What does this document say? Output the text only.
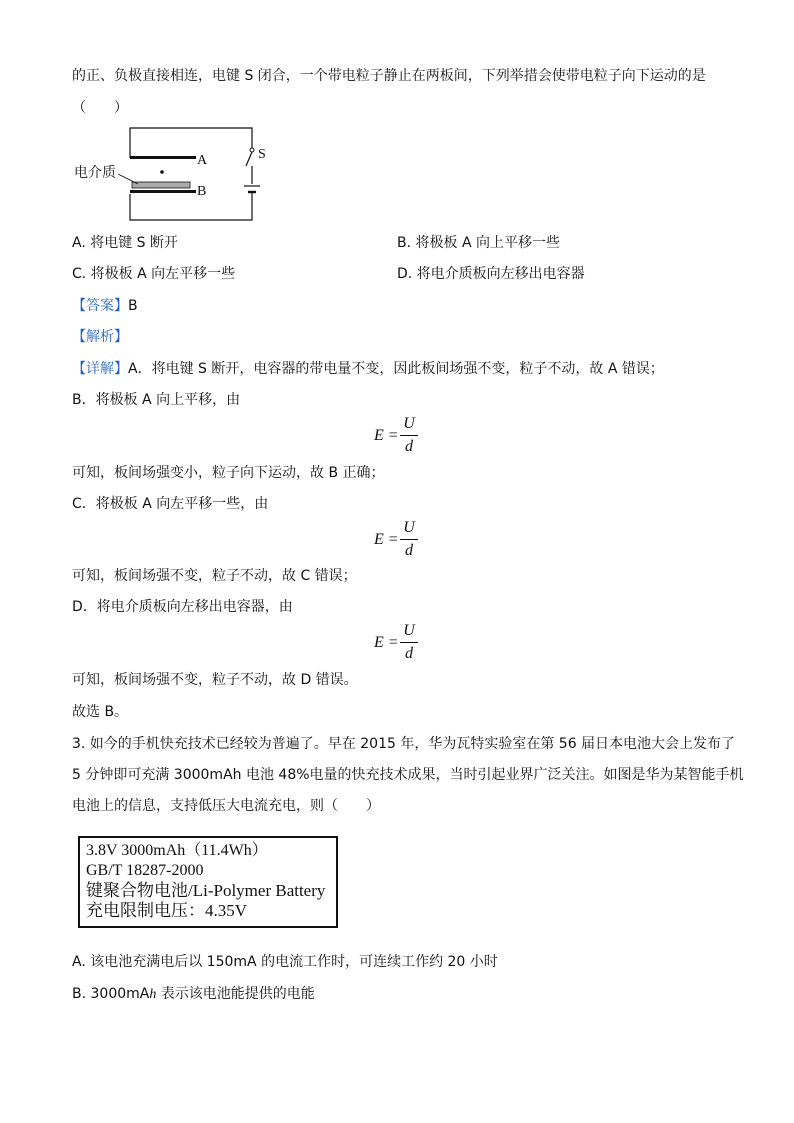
的正、负极直接相连，电键 S 闭合，一个带电粒子静止在两板间，下列举措会使带电粒子向下运动的是
（　　）
电介质
A
B
S
A. 将电键 S 断开	B. 将极板 A 向上平移一些
C. 将极板 A 向左平移一些	D. 将电介质板向左移出电容器
【答案】B
【解析】
【详解】A．将电键 S 断开，电容器的带电量不变，因此板间场强不变，粒子不动，故 A 错误；
B．将极板 A 向上平移，由
E =
U
d
可知，板间场强变小，粒子向下运动，故 B 正确；
C．将极板 A 向左平移一些，由
E =
U
d
可知，板间场强不变，粒子不动，故 C 错误；
D．将电介质板向左移出电容器，由
E =
U
d
可知，板间场强不变，粒子不动，故 D 错误。
故选 B。
3. 如今的手机快充技术已经较为普遍了。早在 2015 年，华为瓦特实验室在第 56 届日本电池大会上发布了
5 分钟即可充满 3000mAh 电池 48%电量的快充技术成果，当时引起业界广泛关注。如图是华为某智能手机
电池上的信息，支持低压大电流充电，则（　　）
3.8V 3000mAh（11.4Wh）
GB/T 18287-2000
键聚合物电池/Li-Polymer Battery
充电限制电压：4.35V
A. 该电池充满电后以 150mA 的电流工作时，可连续工作约 20 小时
B. 3000mAh 表示该电池能提供的电能
